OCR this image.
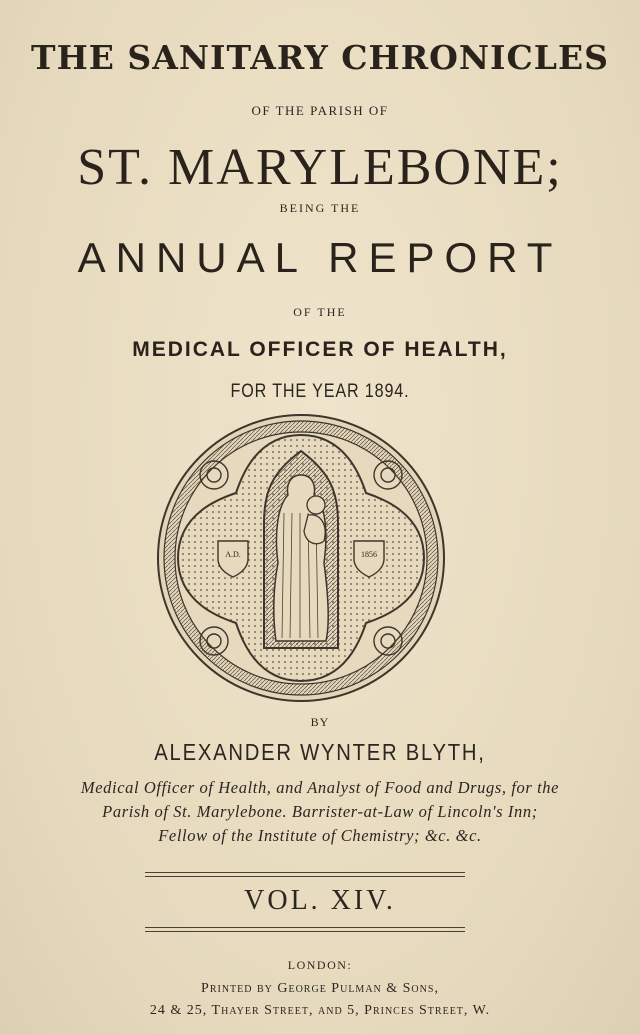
THE SANITARY CHRONICLES
OF THE PARISH OF
ST. MARYLEBONE;
BEING THE
ANNUAL REPORT
OF THE
MEDICAL OFFICER OF HEALTH,
FOR THE YEAR 1894.
A.D.	1856
BY
ALEXANDER WYNTER BLYTH,
Medical Officer of Health, and Analyst of Food and Drugs, for the
Parish of St. Marylebone. Barrister-at-Law of Lincoln's Inn;
Fellow of the Institute of Chemistry; &c. &c.
VOL. XIV.
LONDON:
Printed by George Pulman & Sons,
24 & 25, Thayer Street, and 5, Princes Street, W.
